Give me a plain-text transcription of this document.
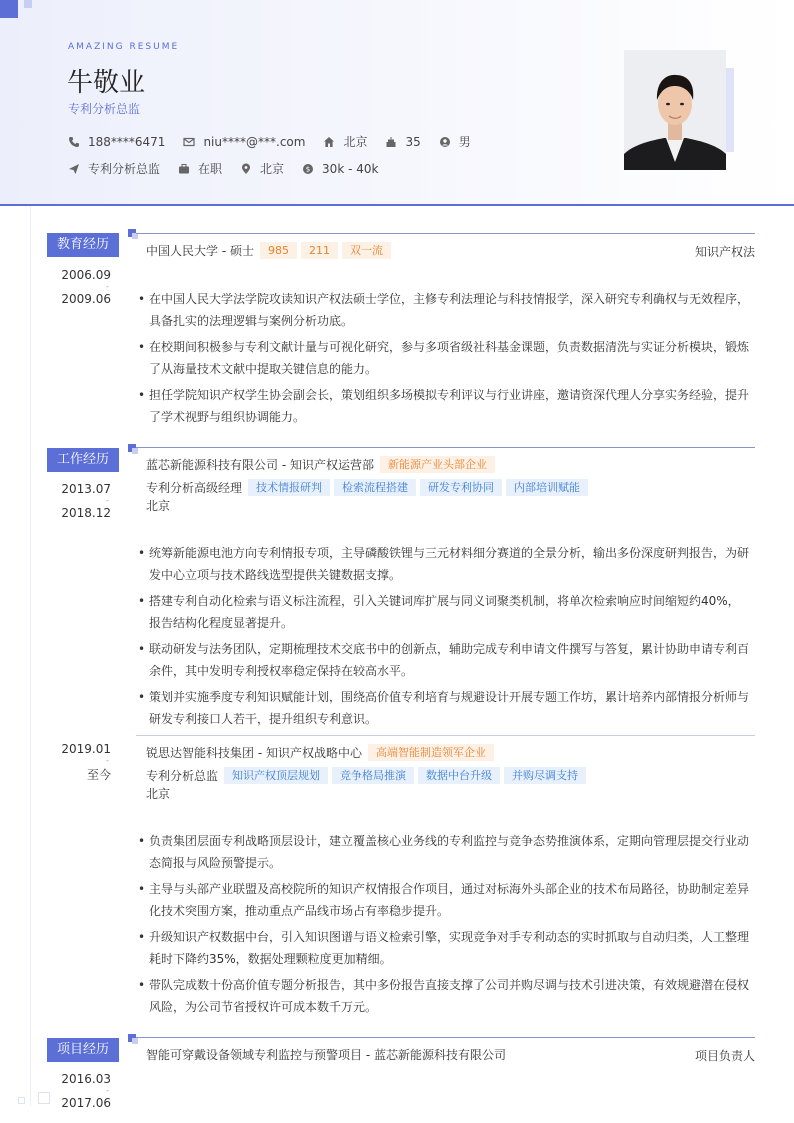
AMAZING RESUME
牛敬业
专利分析总监
188****6471	niu****@***.com	北京	35	男
专利分析总监	在职	北京	$ 30k - 40k
教育经历
2006.09
-
2009.06
中国人民大学 - 硕士	985	211	双一流	知识产权法
• 在中国人民大学法学院攻读知识产权法硕士学位，主修专利法理论与科技情报学，深入研究专利确权与无效程序，具备扎实的法理逻辑与案例分析功底。
• 在校期间积极参与专利文献计量与可视化研究，参与多项省级社科基金课题，负责数据清洗与实证分析模块，锻炼了从海量技术文献中提取关键信息的能力。
• 担任学院知识产权学生协会副会长，策划组织多场模拟专利评议与行业讲座，邀请资深代理人分享实务经验，提升了学术视野与组织协调能力。
工作经历
2013.07
-
2018.12
蓝芯新能源科技有限公司 - 知识产权运营部	新能源产业头部企业
专利分析高级经理	技术情报研判	检索流程搭建	研发专利协同	内部培训赋能
北京
• 统筹新能源电池方向专利情报专项，主导磷酸铁锂与三元材料细分赛道的全景分析，输出多份深度研判报告，为研发中心立项与技术路线选型提供关键数据支撑。
• 搭建专利自动化检索与语义标注流程，引入关键词库扩展与同义词聚类机制，将单次检索响应时间缩短约40%，报告结构化程度显著提升。
• 联动研发与法务团队，定期梳理技术交底书中的创新点，辅助完成专利申请文件撰写与答复，累计协助申请专利百余件，其中发明专利授权率稳定保持在较高水平。
• 策划并实施季度专利知识赋能计划，围绕高价值专利培育与规避设计开展专题工作坊，累计培养内部情报分析师与研发专利接口人若干，提升组织专利意识。
2019.01
-
至今
锐思达智能科技集团 - 知识产权战略中心	高端智能制造领军企业
专利分析总监	知识产权顶层规划	竞争格局推演	数据中台升级	并购尽调支持
北京
• 负责集团层面专利战略顶层设计，建立覆盖核心业务线的专利监控与竞争态势推演体系，定期向管理层提交行业动态简报与风险预警提示。
• 主导与头部产业联盟及高校院所的知识产权情报合作项目，通过对标海外头部企业的技术布局路径，协助制定差异化技术突围方案，推动重点产品线市场占有率稳步提升。
• 升级知识产权数据中台，引入知识图谱与语义检索引擎，实现竞争对手专利动态的实时抓取与自动归类，人工整理耗时下降约35%，数据处理颗粒度更加精细。
• 带队完成数十份高价值专题分析报告，其中多份报告直接支撑了公司并购尽调与技术引进决策，有效规避潜在侵权风险，为公司节省授权许可成本数千万元。
项目经历
2016.03
-
2017.06
智能可穿戴设备领域专利监控与预警项目 - 蓝芯新能源科技有限公司	项目负责人
